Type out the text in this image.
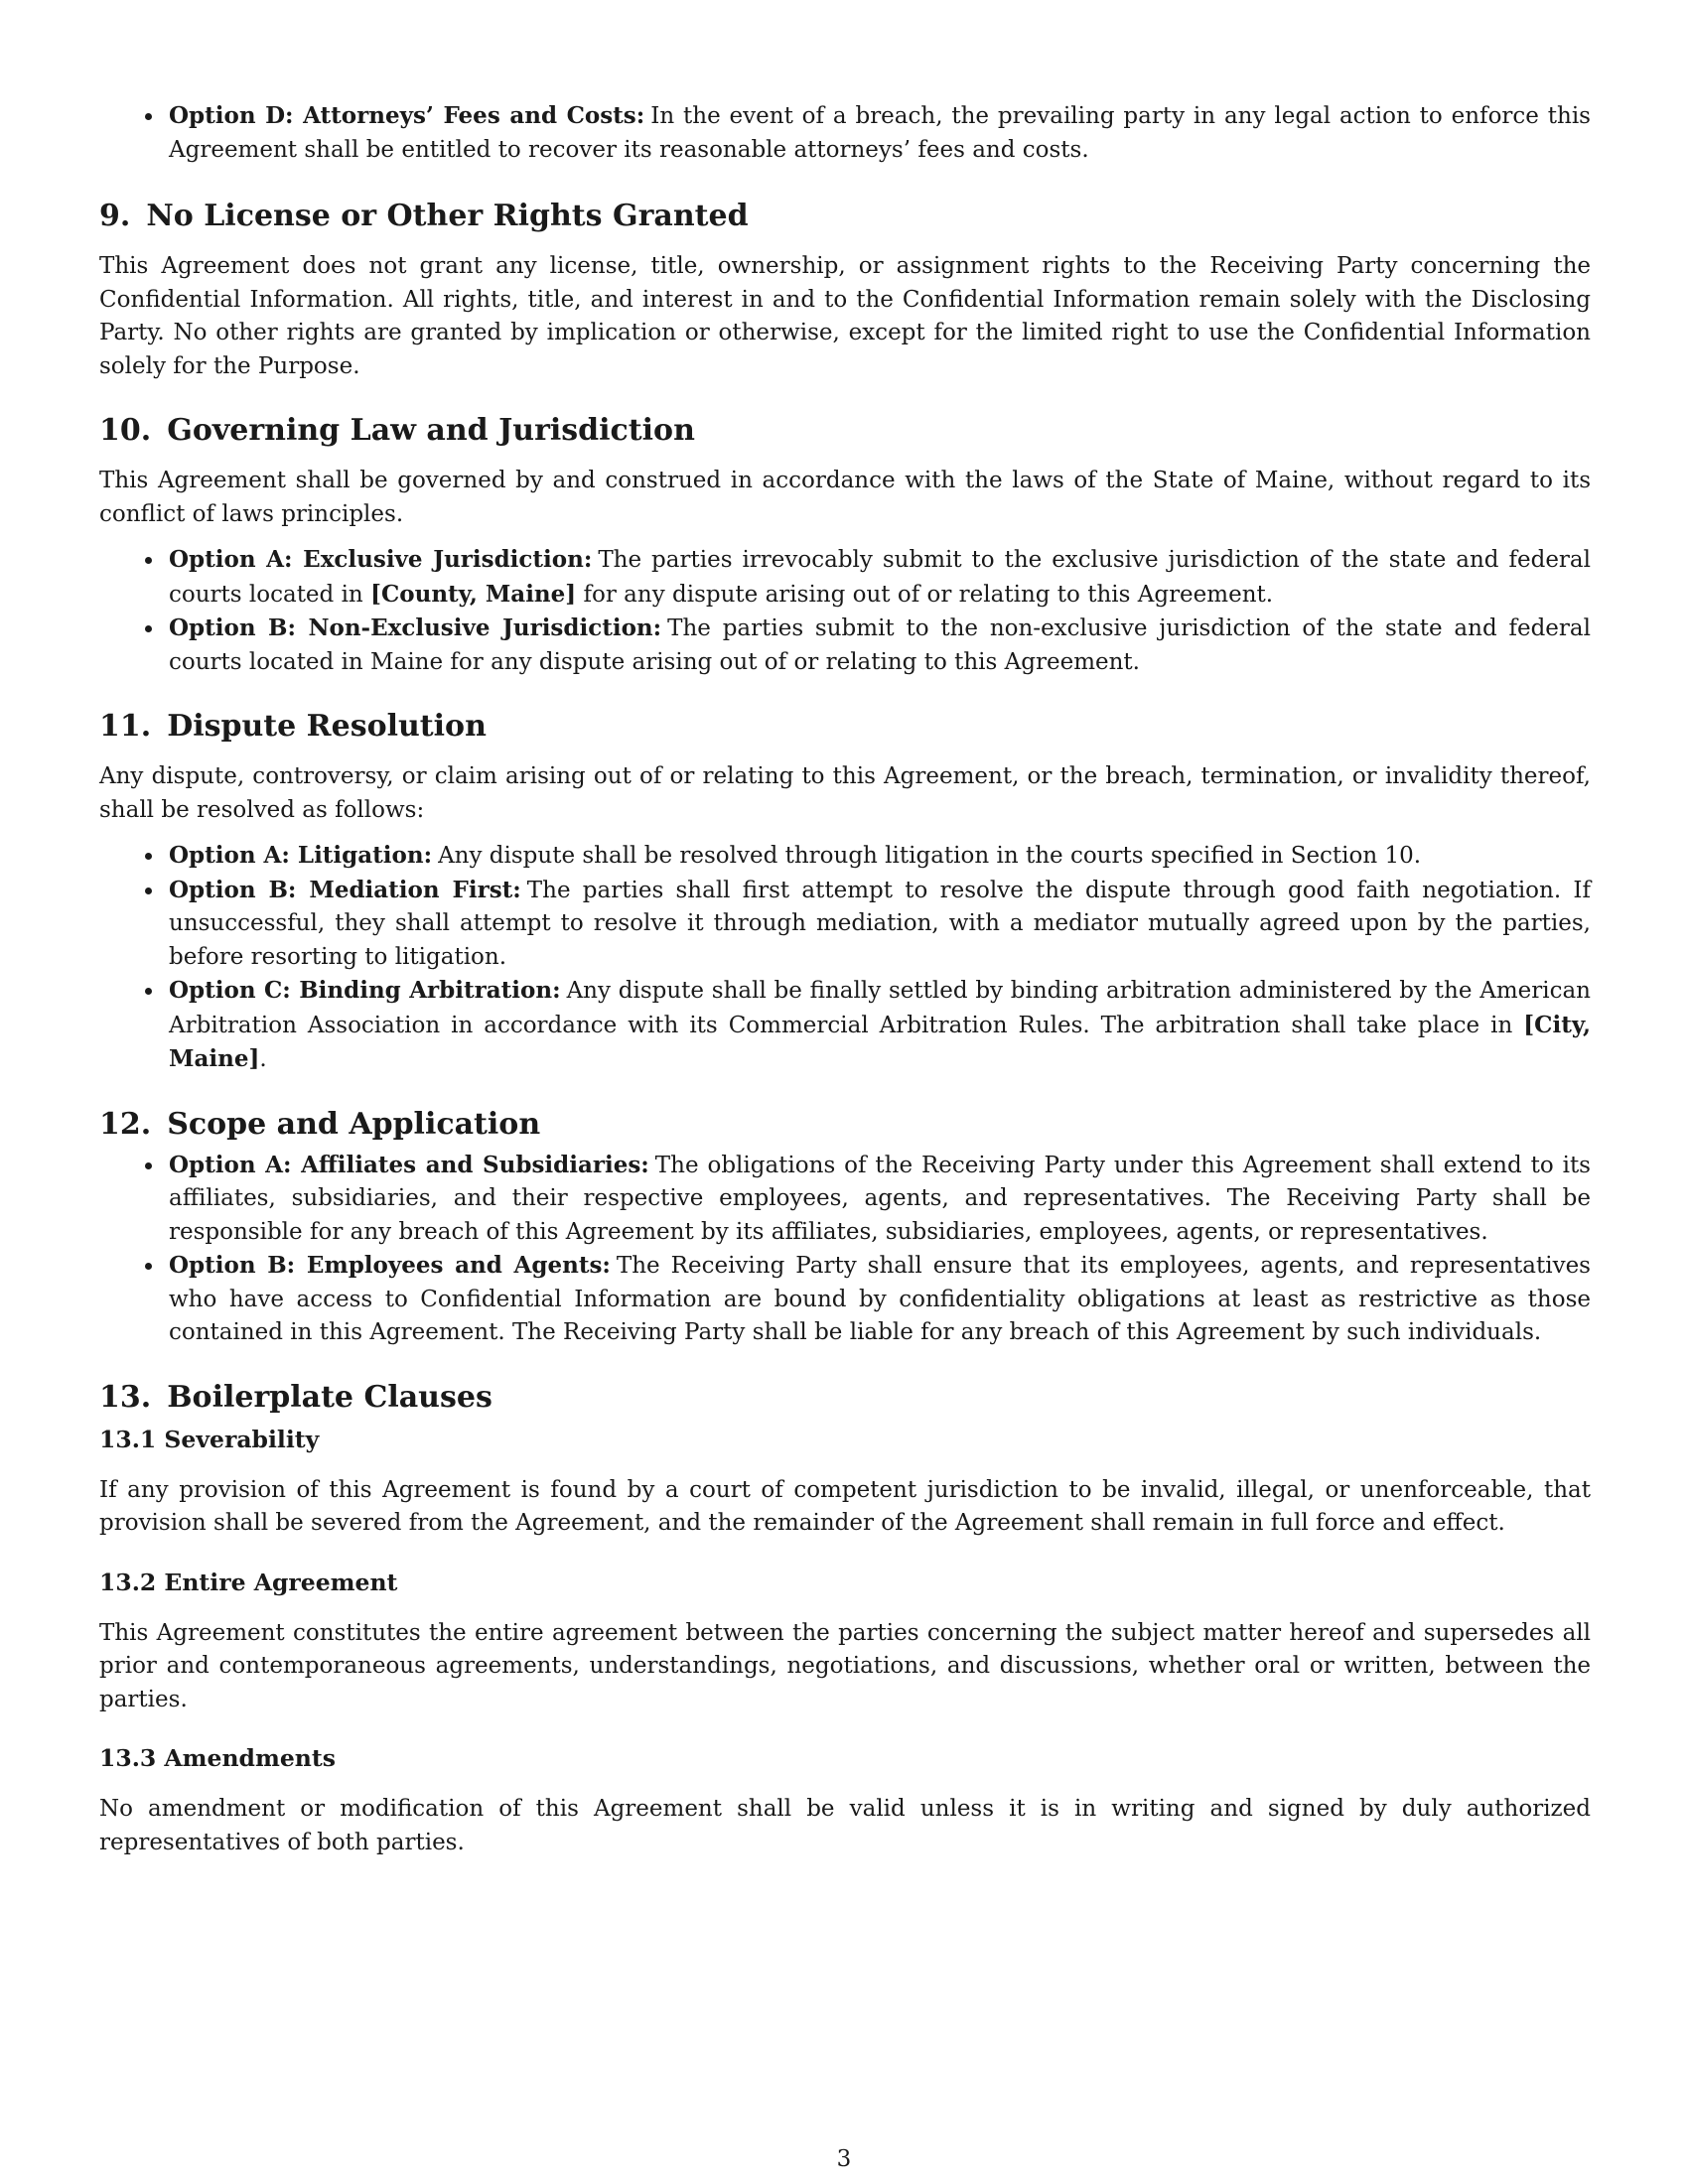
Option D: Attorneys’ Fees and Costs: In the event of a breach, the prevailing party in any legal action to enforce this Agreement shall be entitled to recover its reasonable attorneys’ fees and costs.
9. No License or Other Rights Granted

This Agreement does not grant any license, title, ownership, or assignment rights to the Receiving Party concerning the Confidential Information. All rights, title, and interest in and to the Confidential Information remain solely with the Disclosing Party. No other rights are granted by implication or otherwise, except for the limited right to use the Confidential Information solely for the Purpose.

10. Governing Law and Jurisdiction

This Agreement shall be governed by and construed in accordance with the laws of the State of Maine, without regard to its conflict of laws principles.

Option A: Exclusive Jurisdiction: The parties irrevocably submit to the exclusive jurisdiction of the state and federal courts located in [County, Maine] for any dispute arising out of or relating to this Agreement.
Option B: Non-Exclusive Jurisdiction: The parties submit to the non-exclusive jurisdiction of the state and federal courts located in Maine for any dispute arising out of or relating to this Agreement.
11. Dispute Resolution

Any dispute, controversy, or claim arising out of or relating to this Agreement, or the breach, termination, or invalidity thereof, shall be resolved as follows:

Option A: Litigation: Any dispute shall be resolved through litigation in the courts specified in Section 10.
Option B: Mediation First: The parties shall first attempt to resolve the dispute through good faith negotiation. If unsuccessful, they shall attempt to resolve it through mediation, with a mediator mutually agreed upon by the parties, before resorting to litigation.
Option C: Binding Arbitration: Any dispute shall be finally settled by binding arbitration administered by the American Arbitration Association in accordance with its Commercial Arbitration Rules. The arbitration shall take place in [City, Maine].
12. Scope and Application
Option A: Affiliates and Subsidiaries: The obligations of the Receiving Party under this Agreement shall extend to its affiliates, subsidiaries, and their respective employees, agents, and representatives. The Receiving Party shall be responsible for any breach of this Agreement by its affiliates, subsidiaries, employees, agents, or representatives.
Option B: Employees and Agents: The Receiving Party shall ensure that its employees, agents, and representatives who have access to Confidential Information are bound by confidentiality obligations at least as restrictive as those contained in this Agreement. The Receiving Party shall be liable for any breach of this Agreement by such individuals.
13. Boilerplate Clauses
13.1 Severability

If any provision of this Agreement is found by a court of competent jurisdiction to be invalid, illegal, or unenforceable, that provision shall be severed from the Agreement, and the remainder of the Agreement shall remain in full force and effect.

13.2 Entire Agreement

This Agreement constitutes the entire agreement between the parties concerning the subject matter hereof and supersedes all prior and contemporaneous agreements, understandings, negotiations, and discussions, whether oral or written, between the parties.

13.3 Amendments

No amendment or modification of this Agreement shall be valid unless it is in writing and signed by duly authorized representatives of both parties.

3
